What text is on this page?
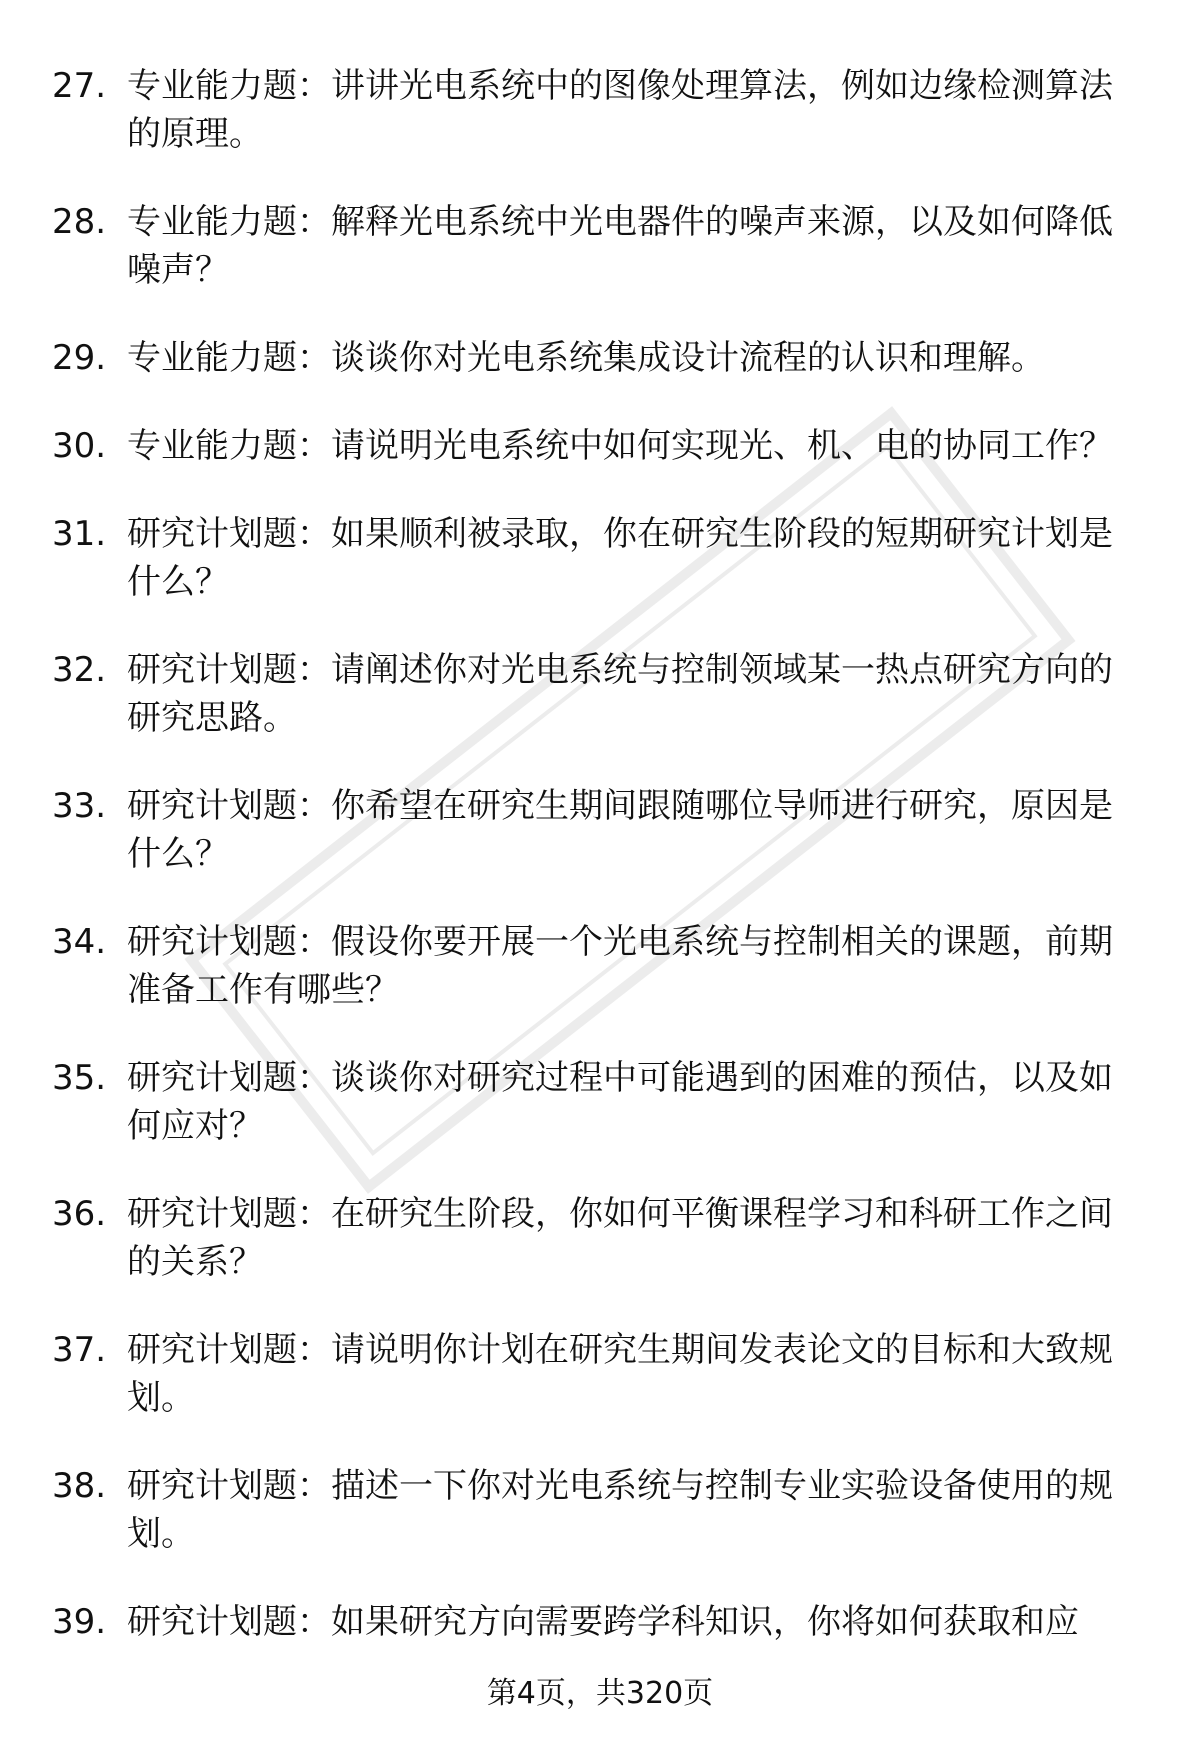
27. 专业能力题：讲讲光电系统中的图像处理算法，例如边缘检测算法的原理。
28. 专业能力题：解释光电系统中光电器件的噪声来源，以及如何降低噪声？
29. 专业能力题：谈谈你对光电系统集成设计流程的认识和理解。
30. 专业能力题：请说明光电系统中如何实现光、机、电的协同工作？
31. 研究计划题：如果顺利被录取，你在研究生阶段的短期研究计划是什么？
32. 研究计划题：请阐述你对光电系统与控制领域某一热点研究方向的研究思路。
33. 研究计划题：你希望在研究生期间跟随哪位导师进行研究，原因是什么？
34. 研究计划题：假设你要开展一个光电系统与控制相关的课题，前期准备工作有哪些？
35. 研究计划题：谈谈你对研究过程中可能遇到的困难的预估，以及如何应对？
36. 研究计划题：在研究生阶段，你如何平衡课程学习和科研工作之间的关系？
37. 研究计划题：请说明你计划在研究生期间发表论文的目标和大致规划。
38. 研究计划题：描述一下你对光电系统与控制专业实验设备使用的规划。
39. 研究计划题：如果研究方向需要跨学科知识，你将如何获取和应
第4页，共320页
